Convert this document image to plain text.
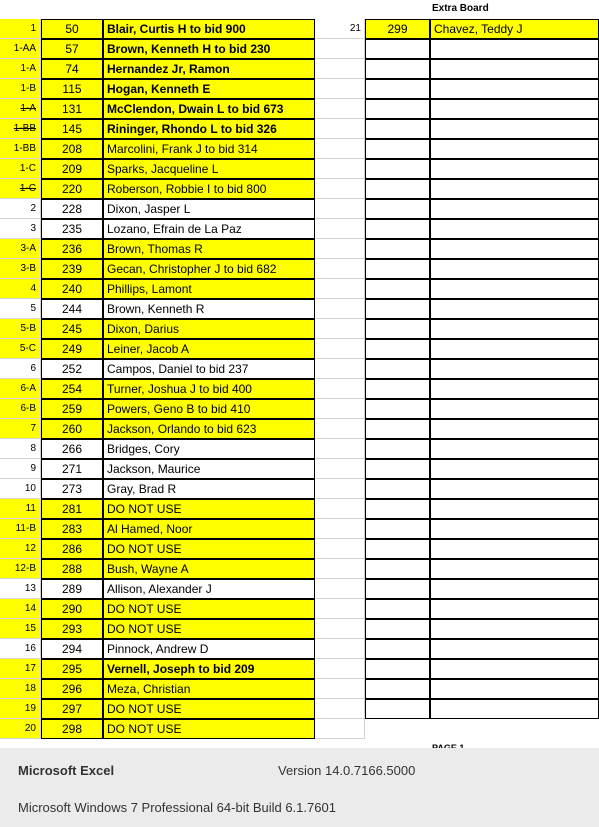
Extra Board
1	50	Blair, Curtis H to bid 900	21	299	Chavez, Teddy J
1-AA	57	Brown, Kenneth H to bid 230
1-A	74	Hernandez Jr, Ramon
1-B	115	Hogan, Kenneth E
1-A	131	McClendon, Dwain L to bid 673
1-BB	145	Rininger, Rhondo L to bid 326
1-BB	208	Marcolini, Frank J to bid 314
1-C	209	Sparks, Jacqueline L
1-C	220	Roberson, Robbie I to bid 800
2	228	Dixon, Jasper L
3	235	Lozano, Efrain de La Paz
3-A	236	Brown, Thomas R
3-B	239	Gecan, Christopher J to bid 682
4	240	Phillips, Lamont
5	244	Brown, Kenneth R
5-B	245	Dixon, Darius
5-C	249	Leiner, Jacob A
6	252	Campos, Daniel to bid 237
6-A	254	Turner, Joshua J to bid 400
6-B	259	Powers, Geno B to bid 410
7	260	Jackson, Orlando to bid 623
8	266	Bridges, Cory
9	271	Jackson, Maurice
10	273	Gray, Brad R
11	281	DO NOT USE
11-B	283	Al Hamed, Noor
12	286	DO NOT USE
12-B	288	Bush, Wayne A
13	289	Allison, Alexander J
14	290	DO NOT USE
15	293	DO NOT USE
16	294	Pinnock, Andrew D
17	295	Vernell, Joseph to bid 209
18	296	Meza, Christian
19	297	DO NOT USE
20	298	DO NOT USE
Microsoft Excel	Version 14.0.7166.5000
Microsoft Windows 7 Professional 64-bit Build 6.1.7601
